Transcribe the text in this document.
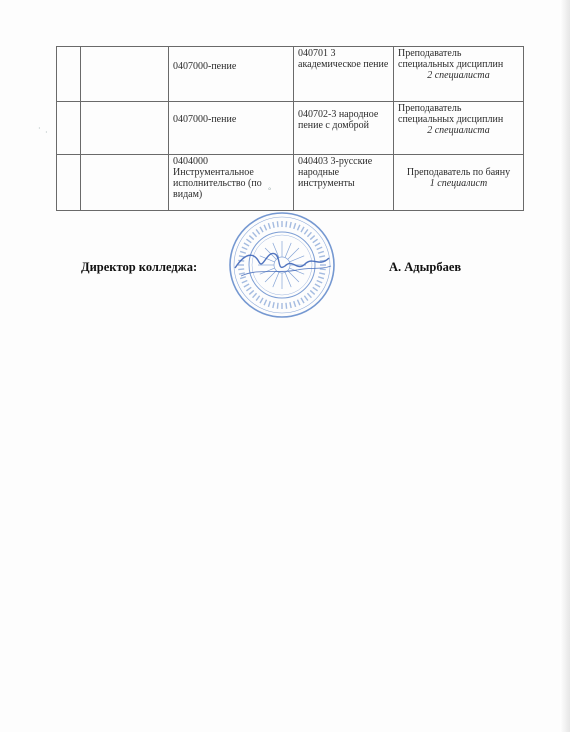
		0407000-пение	040701 3 академическое пение	Преподаватель специальных дисциплин
2 специалиста

		0407000-пение	040702-3 народное пение с домброй	Преподаватель специальных дисциплин
2 специалиста

		0404000 Инструментальное исполнительство (по видам)	040403 3-русские народные инструменты	Преподаватель по баяну
1 специалист
· ·
°
Директор колледжа:	А. Адырбаев
